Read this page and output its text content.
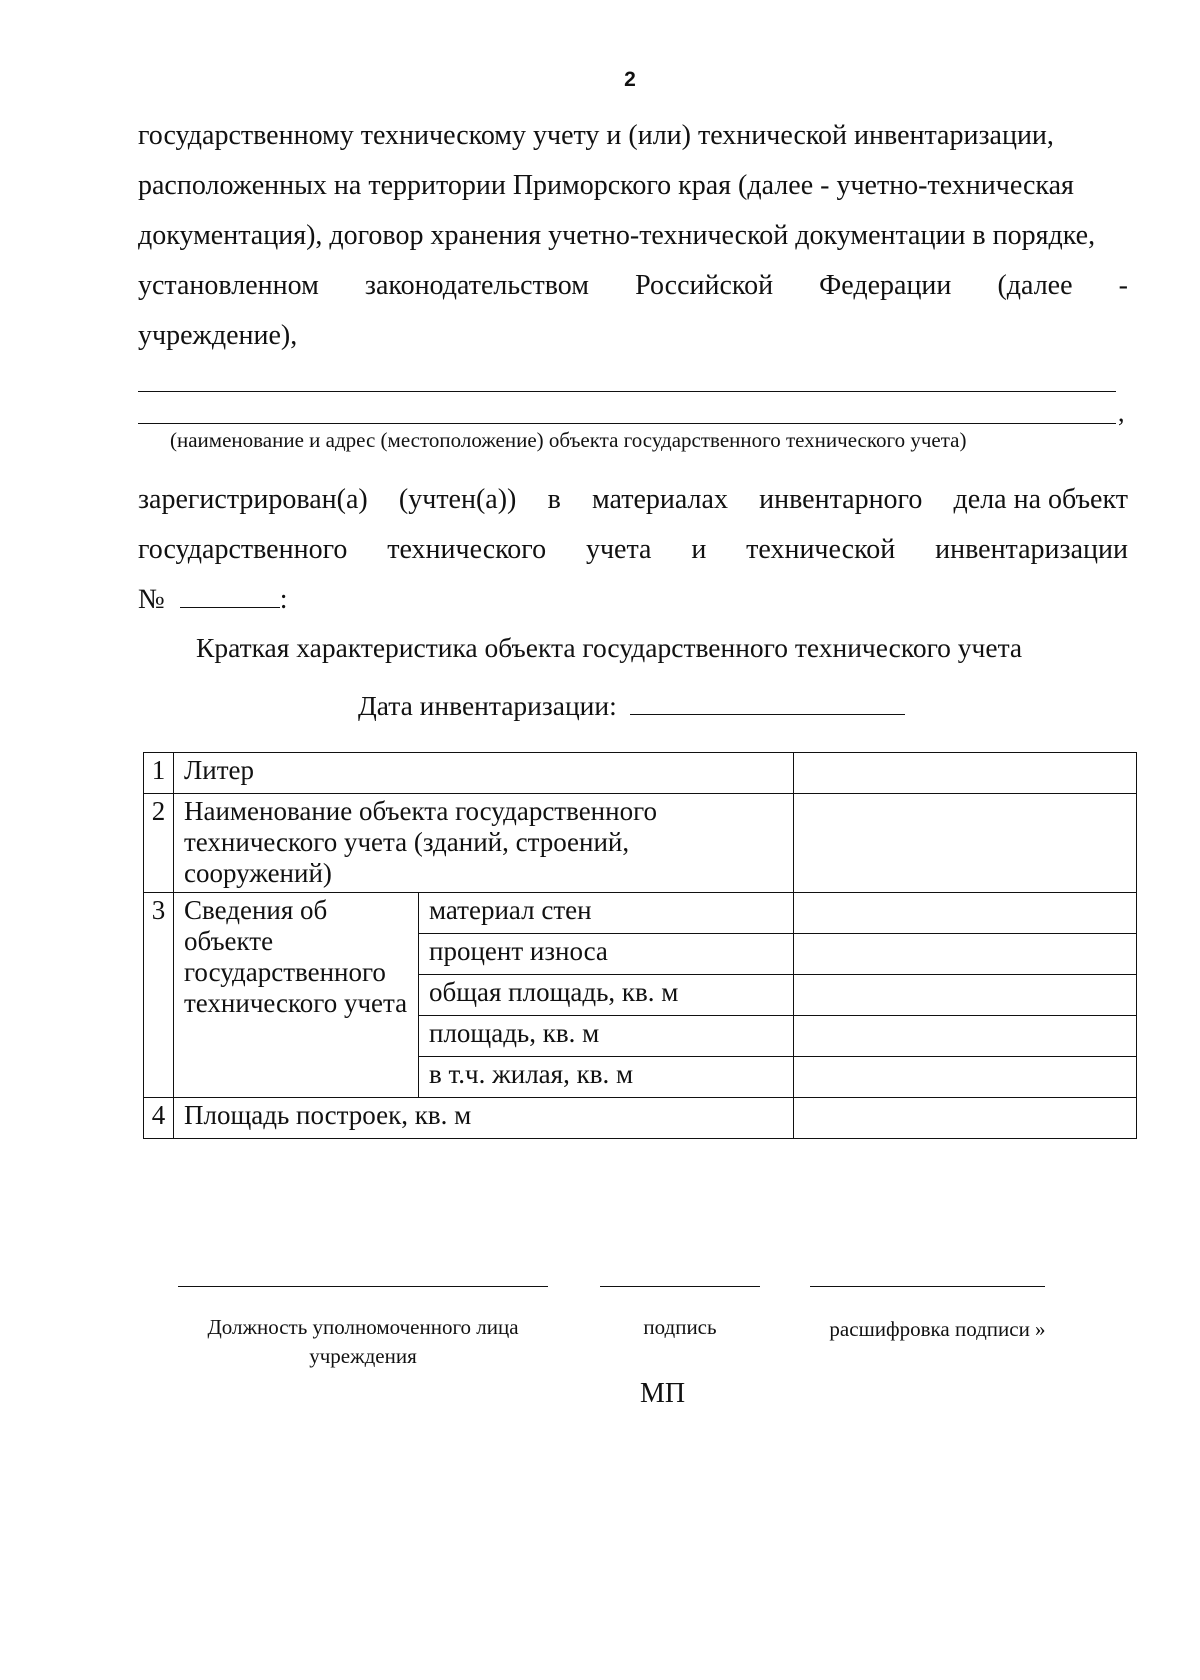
2
государственному техническому учету и (или) технической инвентаризации,
расположенных на территории Приморского края (далее - учетно-техническая
документация), договор хранения учетно-технической документации в порядке,
установленном законодательством Российской Федерации (далее -
учреждение),
,
(наименование и адрес (местоположение) объекта государственного технического учета)
зарегистрирован(а) (учтен(а)) в материалах инвентарного дела на объект
государственного технического учета и технической инвентаризации
№	:
Краткая характеристика объекта государственного технического учета
Дата инвентаризации:
1	Литер		
2	Наименование объекта государственного технического учета (зданий, строений, сооружений)		
3	Сведения об объекте государственного технического учета	материал стен	
		процент износа	
		общая площадь, кв. м	
		площадь, кв. м	
		в т.ч. жилая, кв. м	
4	Площадь построек, кв. м		
Должность уполномоченного лица
учреждения
подпись	расшифровка подписи »
МП
